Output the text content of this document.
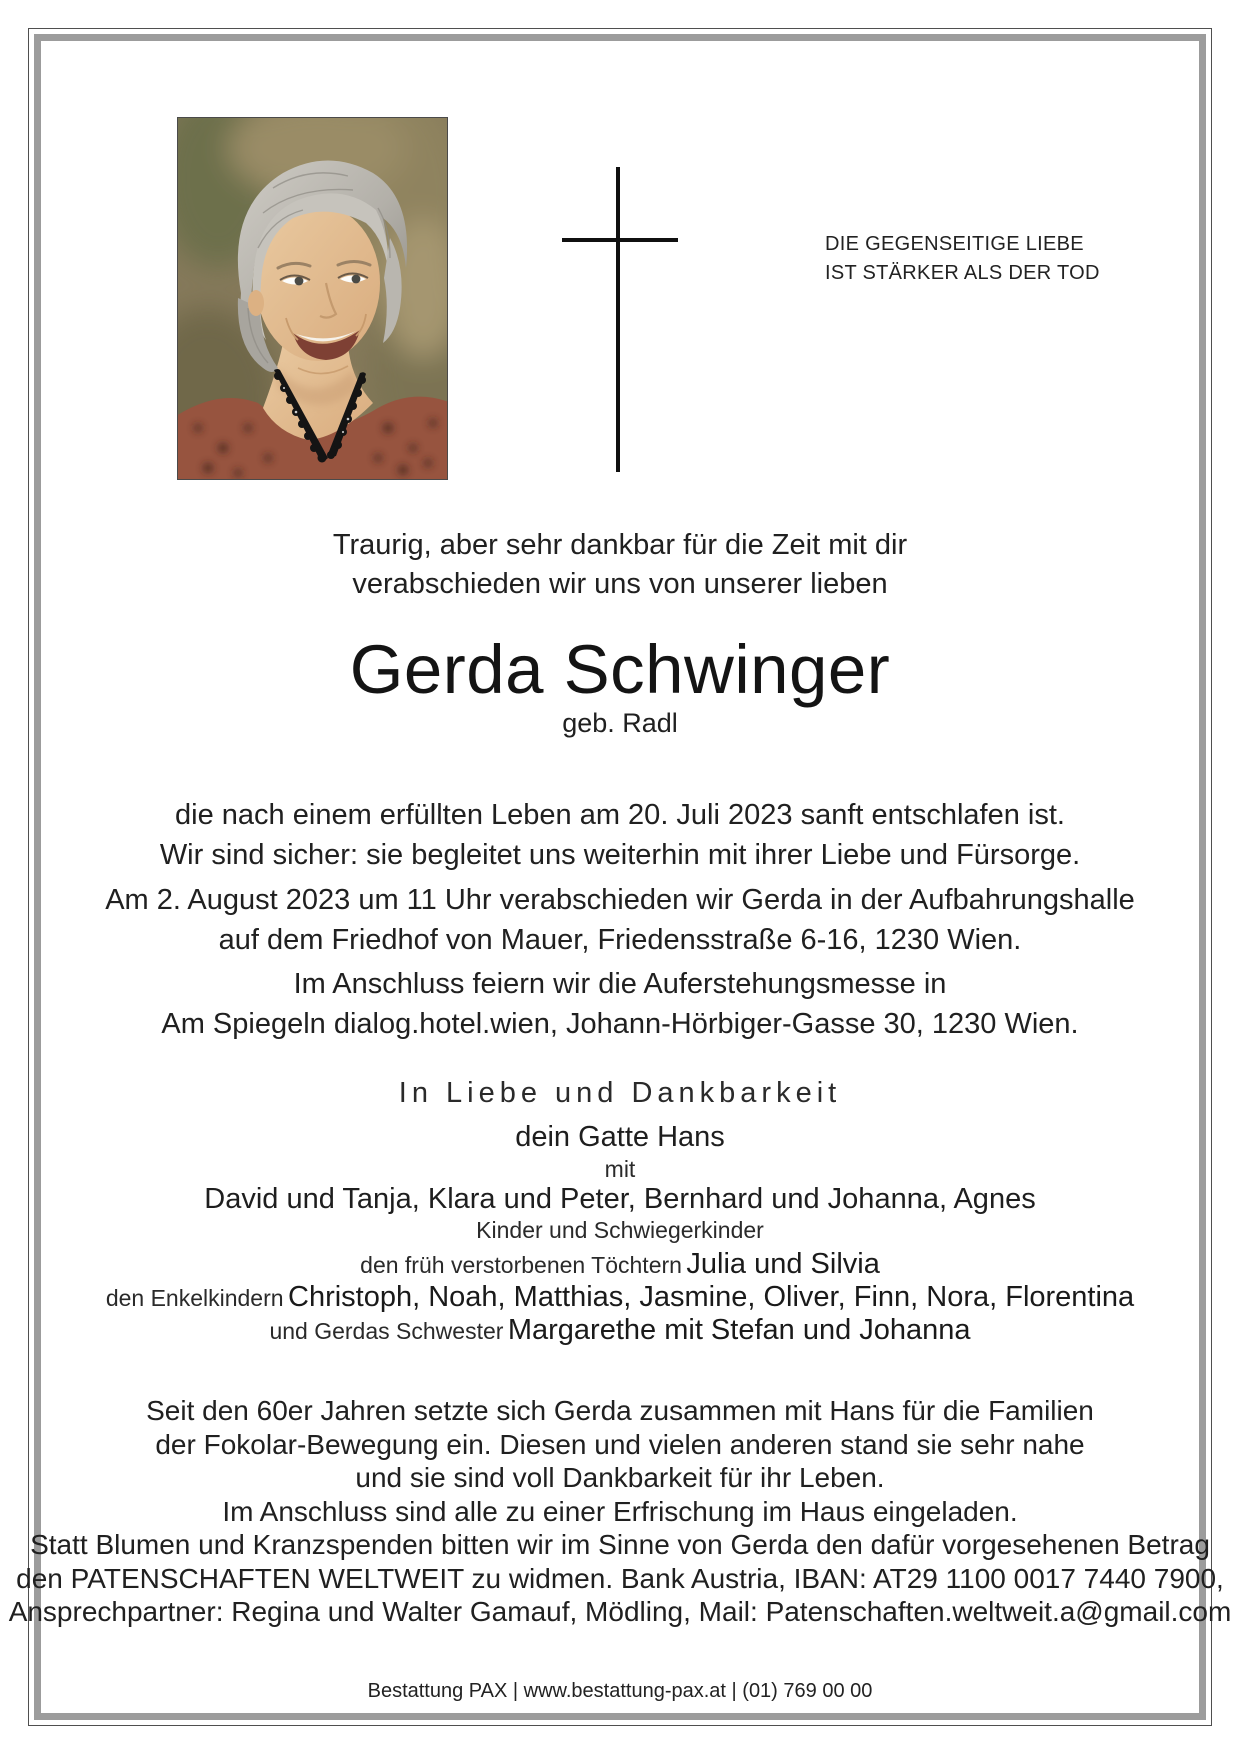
DIE GEGENSEITIGE LIEBE
IST STÄRKER ALS DER TOD
Traurig, aber sehr dankbar für die Zeit mit dir
verabschieden wir uns von unserer lieben
Gerda Schwinger
geb. Radl
die nach einem erfüllten Leben am 20. Juli 2023 sanft entschlafen ist.
Wir sind sicher: sie begleitet uns weiterhin mit ihrer Liebe und Fürsorge.
Am 2. August 2023 um 11 Uhr verabschieden wir Gerda in der Aufbahrungshalle
auf dem Friedhof von Mauer, Friedensstraße 6-16, 1230 Wien.
Im Anschluss feiern wir die Auferstehungsmesse in
Am Spiegeln dialog.hotel.wien, Johann-Hörbiger-Gasse 30, 1230 Wien.
In Liebe und Dankbarkeit
dein Gatte Hans
mit
David und Tanja, Klara und Peter, Bernhard und Johanna, Agnes
Kinder und Schwiegerkinder
den früh verstorbenen Töchtern Julia und Silvia
den Enkelkindern Christoph, Noah, Matthias, Jasmine, Oliver, Finn, Nora, Florentina
und Gerdas Schwester Margarethe mit Stefan und Johanna
Seit den 60er Jahren setzte sich Gerda zusammen mit Hans für die Familien
der Fokolar-Bewegung ein. Diesen und vielen anderen stand sie sehr nahe
und sie sind voll Dankbarkeit für ihr Leben.
Im Anschluss sind alle zu einer Erfrischung im Haus eingeladen.
Statt Blumen und Kranzspenden bitten wir im Sinne von Gerda den dafür vorgesehenen Betrag
den PATENSCHAFTEN WELTWEIT zu widmen. Bank Austria, IBAN: AT29 1100 0017 7440 7900,
Ansprechpartner: Regina und Walter Gamauf, Mödling, Mail: Patenschaften.weltweit.a@gmail.com
Bestattung PAX | www.bestattung-pax.at | (01) 769 00 00
